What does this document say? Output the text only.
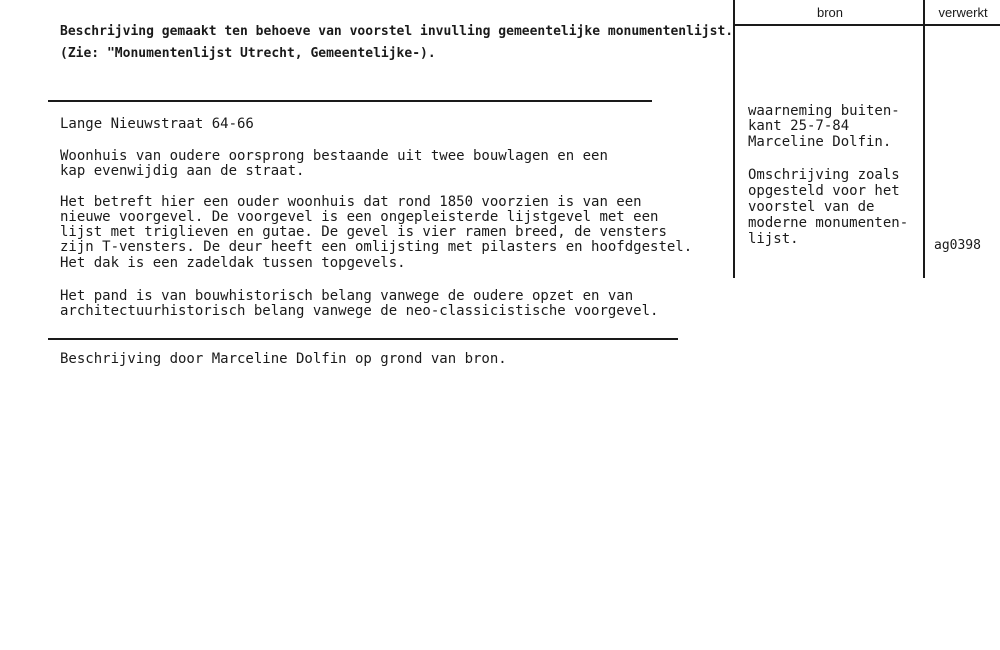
Beschrijving gemaakt ten behoeve van voorstel invulling gemeentelijke monumentenlijst.
(Zie: "Monumentenlijst Utrecht, Gemeentelijke-).
bron	verwerkt
Lange Nieuwstraat 64-66
Woonhuis van oudere oorsprong bestaande uit twee bouwlagen en een
kap evenwijdig aan de straat.
Het betreft hier een ouder woonhuis dat rond 1850 voorzien is van een
nieuwe voorgevel. De voorgevel is een ongepleisterde lijstgevel met een
lijst met triglieven en gutae. De gevel is vier ramen breed, de vensters
zijn T-vensters. De deur heeft een omlijsting met pilasters en hoofdgestel.
Het dak is een zadeldak tussen topgevels.
Het pand is van bouwhistorisch belang vanwege de oudere opzet en van
architectuurhistorisch belang vanwege de neo-classicistische voorgevel.
Beschrijving door Marceline Dolfin op grond van bron.
waarneming buiten-
kant 25-7-84
Marceline Dolfin.
Omschrijving zoals
opgesteld voor het
voorstel van de
moderne monumenten-
lijst.	ag0398
